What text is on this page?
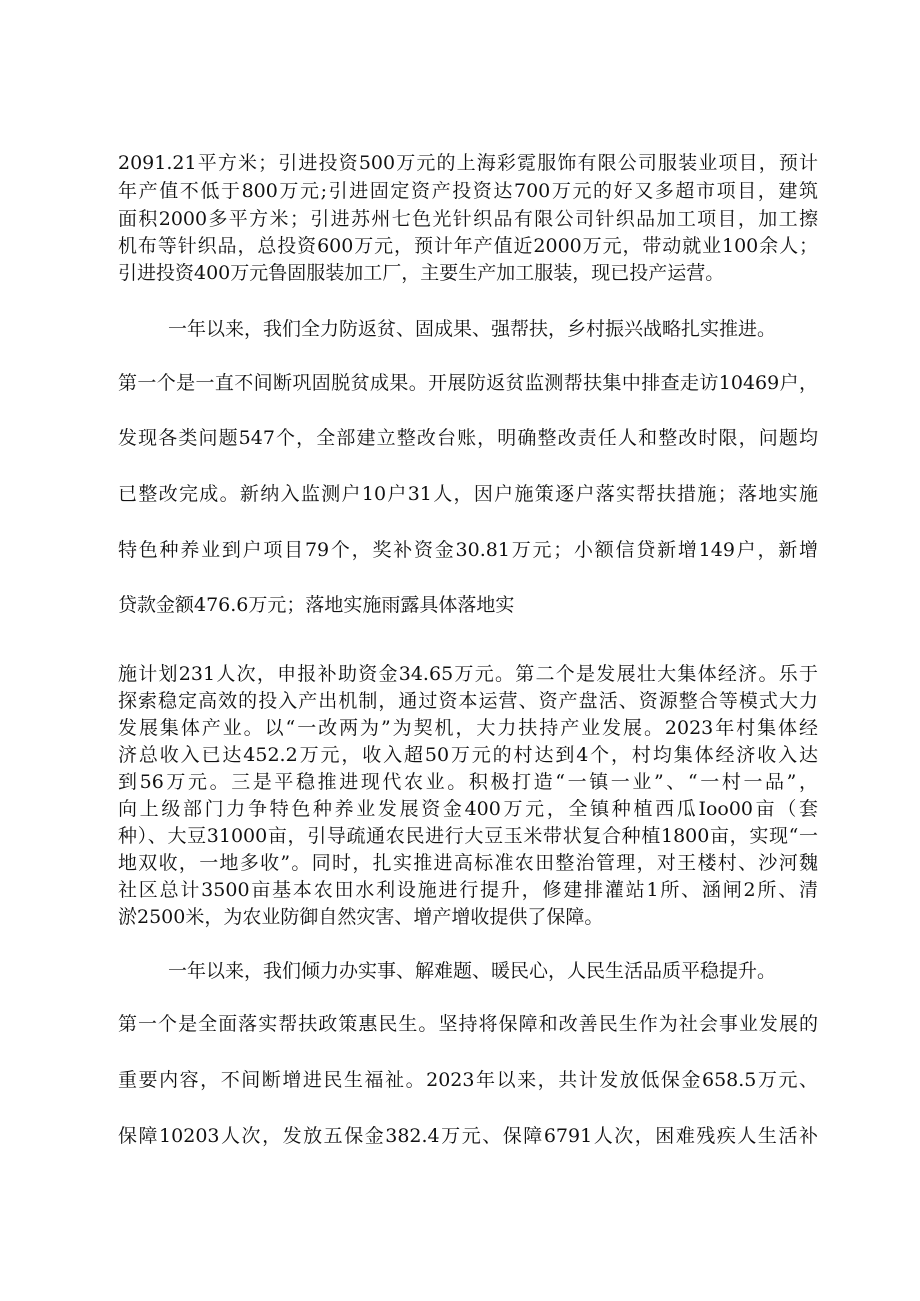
2091.21平方米；引进投资500万元的上海彩霓服饰有限公司服装业项目，预计
年产值不低于800万元;引进固定资产投资达700万元的好又多超市项目，建筑
面积2000多平方米；引进苏州七色光针织品有限公司针织品加工项目，加工擦
机布等针织品，总投资600万元，预计年产值近2000万元，带动就业100余人；
引进投资400万元鲁固服装加工厂，主要生产加工服装，现已投产运营。
一年以来，我们全力防返贫、固成果、强帮扶，乡村振兴战略扎实推进。
第一个是一直不间断巩固脱贫成果。开展防返贫监测帮扶集中排查走访10469户，
发现各类问题547个，全部建立整改台账，明确整改责任人和整改时限，问题均
已整改完成。新纳入监测户10户31人，因户施策逐户落实帮扶措施；落地实施
特色种养业到户项目79个，奖补资金30.81万元；小额信贷新增149户，新增
贷款金额476.6万元；落地实施雨露具体落地实
施计划231人次，申报补助资金34.65万元。第二个是发展壮大集体经济。乐于
探索稳定高效的投入产出机制，通过资本运营、资产盘活、资源整合等模式大力
发展集体产业。以“一改两为”为契机，大力扶持产业发展。2023年村集体经
济总收入已达452.2万元，收入超50万元的村达到4个，村均集体经济收入达
到56万元。三是平稳推进现代农业。积极打造“一镇一业”、“一村一品”，
向上级部门力争特色种养业发展资金400万元，全镇种植西瓜Ioo00亩（套
种）、大豆31000亩，引导疏通农民进行大豆玉米带状复合种植1800亩，实现“一
地双收，一地多收”。同时，扎实推进高标准农田整治管理，对王楼村、沙河魏
社区总计3500亩基本农田水利设施进行提升，修建排灌站1所、涵闸2所、清
淤2500米，为农业防御自然灾害、增产增收提供了保障。
一年以来，我们倾力办实事、解难题、暖民心，人民生活品质平稳提升。
第一个是全面落实帮扶政策惠民生。坚持将保障和改善民生作为社会事业发展的
重要内容，不间断增进民生福祉。2023年以来，共计发放低保金658.5万元、
保障10203人次，发放五保金382.4万元、保障6791人次，困难残疾人生活补
